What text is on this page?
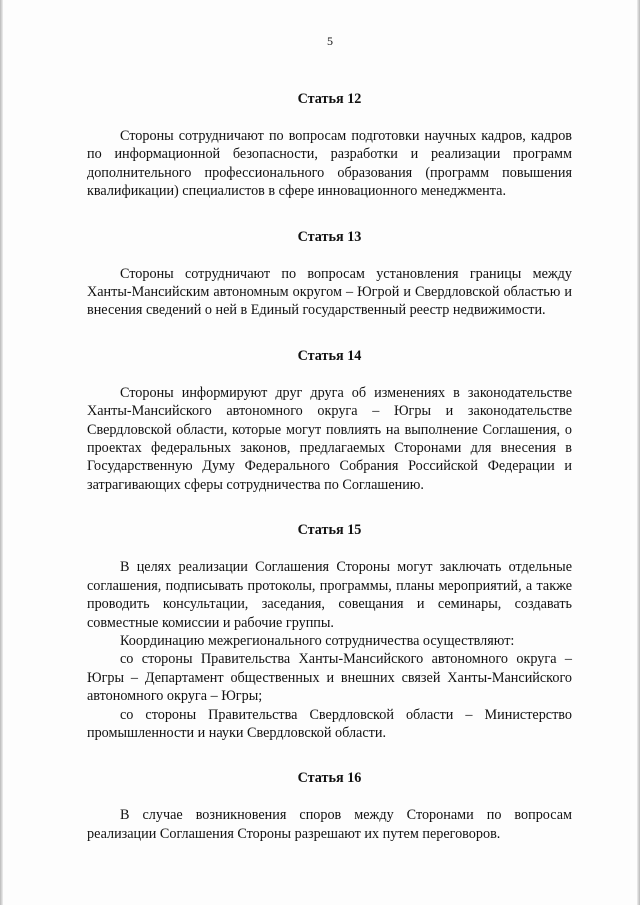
5
Статья 12

Стороны сотрудничают по вопросам подготовки научных кадров, кадров по информационной безопасности, разработки и реализации программ дополнительного профессионального образования (программ повышения квалификации) специалистов в сфере инновационного менеджмента.

Статья 13

Стороны сотрудничают по вопросам установления границы между Ханты-Мансийским автономным округом – Югрой и Свердловской областью и внесения сведений о ней в Единый государственный реестр недвижимости.

Статья 14

Стороны информируют друг друга об изменениях в законодательстве Ханты-Мансийского автономного округа – Югры и законодательстве Свердловской области, которые могут повлиять на выполнение Соглашения, о проектах федеральных законов, предлагаемых Сторонами для внесения в Государственную Думу Федерального Собрания Российской Федерации и затрагивающих сферы сотрудничества по Соглашению.

Статья 15

В целях реализации Соглашения Стороны могут заключать отдельные соглашения, подписывать протоколы, программы, планы мероприятий, а также проводить консультации, заседания, совещания и семинары, создавать совместные комиссии и рабочие группы.

Координацию межрегионального сотрудничества осуществляют:

со стороны Правительства Ханты-Мансийского автономного округа – Югры – Департамент общественных и внешних связей Ханты-Мансийского автономного округа – Югры;

со стороны Правительства Свердловской области – Министерство промышленности и науки Свердловской области.

Статья 16

В случае возникновения споров между Сторонами по вопросам реализации Соглашения Стороны разрешают их путем переговоров.
